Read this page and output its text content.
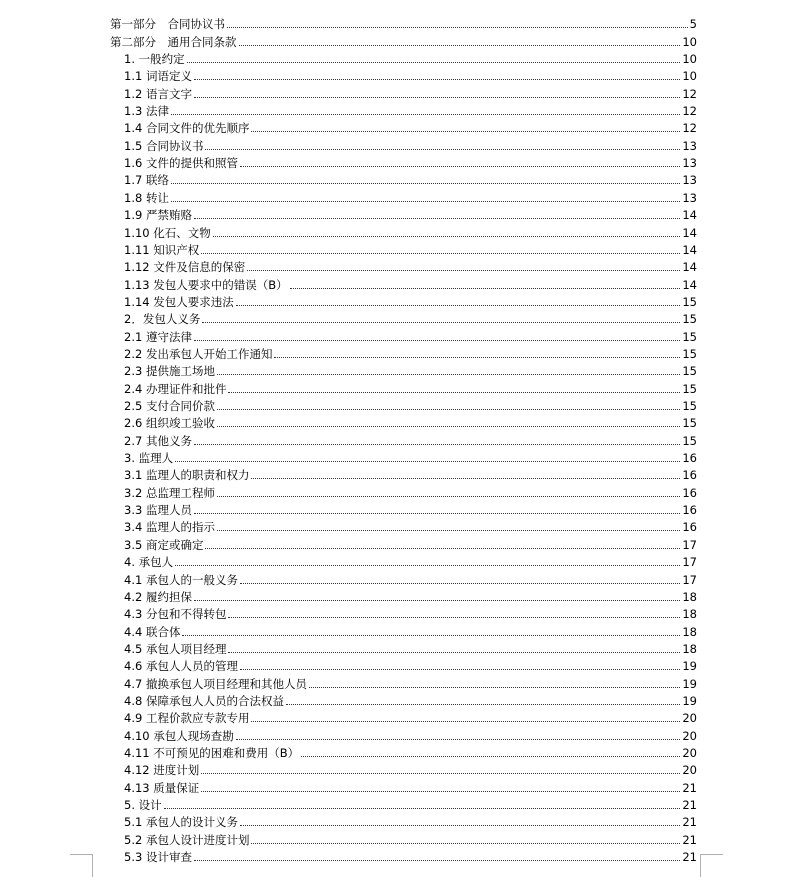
第一部分　合同协议书	5
第二部分　通用合同条款	10
1. 一般约定	10
1.1 词语定义	10
1.2 语言文字	12
1.3 法律	12
1.4 合同文件的优先顺序	12
1.5 合同协议书	13
1.6 文件的提供和照管	13
1.7 联络	13
1.8 转让	13
1.9 严禁贿赂	14
1.10 化石、文物	14
1.11 知识产权	14
1.12 文件及信息的保密	14
1.13 发包人要求中的错误（B）	14
1.14 发包人要求违法	15
2．发包人义务	15
2.1 遵守法律	15
2.2 发出承包人开始工作通知	15
2.3 提供施工场地	15
2.4 办理证件和批件	15
2.5 支付合同价款	15
2.6 组织竣工验收	15
2.7 其他义务	15
3. 监理人	16
3.1 监理人的职责和权力	16
3.2 总监理工程师	16
3.3 监理人员	16
3.4 监理人的指示	16
3.5 商定或确定	17
4. 承包人	17
4.1 承包人的一般义务	17
4.2 履约担保	18
4.3 分包和不得转包	18
4.4 联合体	18
4.5 承包人项目经理	18
4.6 承包人人员的管理	19
4.7 撤换承包人项目经理和其他人员	19
4.8 保障承包人人员的合法权益	19
4.9 工程价款应专款专用	20
4.10 承包人现场查勘	20
4.11 不可预见的困难和费用（B）	20
4.12 进度计划	20
4.13 质量保证	21
5. 设计	21
5.1 承包人的设计义务	21
5.2 承包人设计进度计划	21
5.3 设计审查	21
